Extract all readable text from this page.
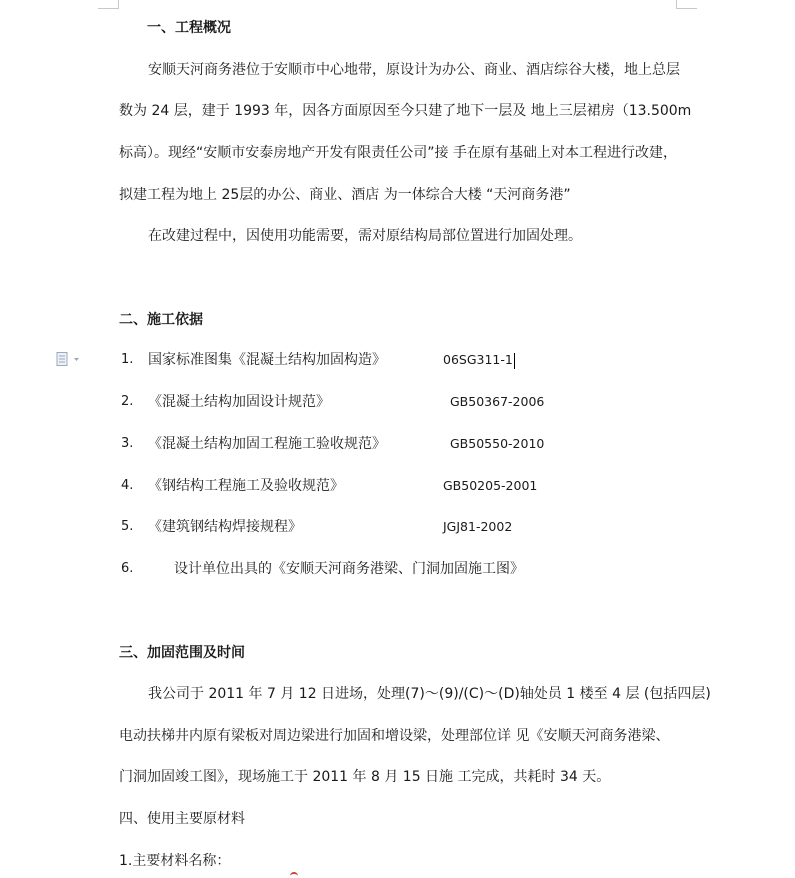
一、工程概况
安顺天河商务港位于安顺市中心地带，原设计为办公、商业、酒店综谷大楼，地上总层
数为 24 层，建于 1993 年，因各方面原因至今只建了地下一层及 地上三层裙房（13.500m
标高）。现经“安顺市安泰房地产开发有限责任公司”接 手在原有基础上对本工程进行改建，
拟建工程为地上 25层的办公、商业、酒店 为一体综合大楼 “天河商务港”
在改建过程中，因使用功能需要，需对原结构局部位置进行加固处理。
二、施工依据
1. 国家标准图集《混凝土结构加固构造》	06SG311-1
2. 《混凝土结构加固设计规范》	GB50367-2006
3. 《混凝土结构加固工程施工验收规范》	GB50550-2010
4. 《钢结构工程施工及验收规范》	GB50205-2001
5. 《建筑钢结构焊接规程》	JGJ81-2002
6.	设计单位出具的《安顺天河商务港梁、门洞加固施工图》
三、加固范围及时间
我公司于 2011 年 7 月 12 日进场，处理(7)～(9)/(C)～(D)轴处员 1 楼至 4 层 (包括四层)
电动扶梯井内原有梁板对周边梁进行加固和增设梁，处理部位详 见《安顺天河商务港梁、
门洞加固竣工图》，现场施工于 2011 年 8 月 15 日施 工完成，共耗时 34 天。
四、使用主要原材料
1.主要材料名称：
